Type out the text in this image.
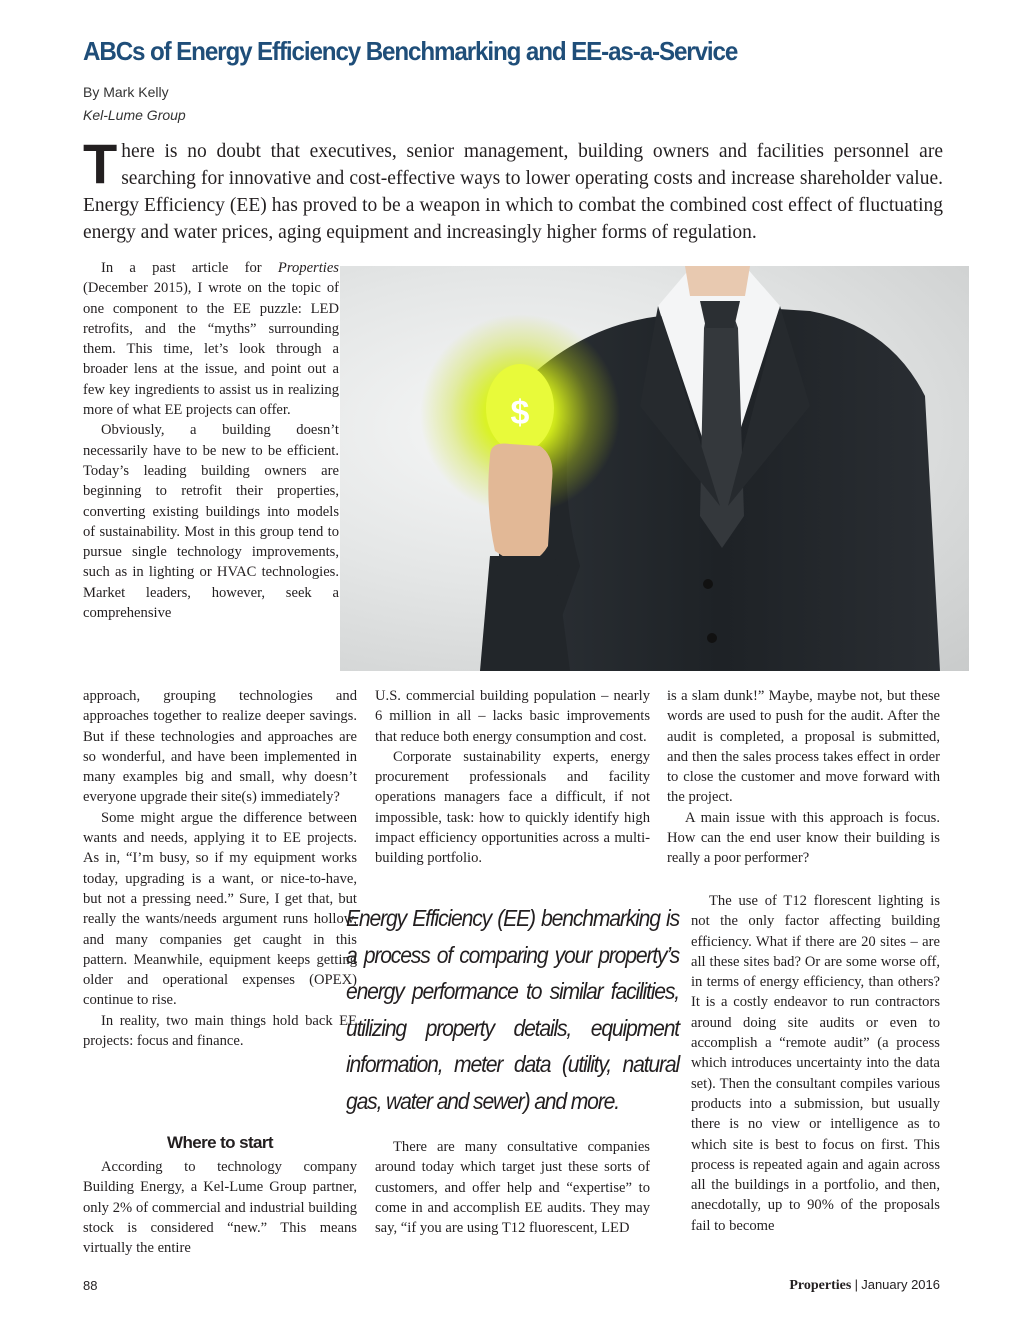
ABCs of Energy Efficiency Benchmarking and EE-as-a-Service
By Mark Kelly
Kel-Lume Group

There is no doubt that executives, senior management, building owners and facilities personnel are searching for innovative and cost-effective ways to lower operating costs and increase shareholder value. Energy Efficiency (EE) has proved to be a weapon in which to combat the combined cost effect of fluctuating energy and water prices, aging equipment and increasingly higher forms of regulation.

In a past article for Properties (December 2015), I wrote on the topic of one component to the EE puzzle: LED retrofits, and the “myths” surrounding them. This time, let’s look through a broader lens at the issue, and point out a few key ingredients to assist us in realizing more of what EE projects can offer.

Obviously, a building doesn’t necessarily have to be new to be efficient. Today’s leading building owners are beginning to retrofit their properties, converting existing buildings into models of sustainability. Most in this group tend to pursue single technology improvements, such as in lighting or HVAC technologies. Market leaders, however, seek a comprehensive

$

approach, grouping technologies and approaches together to realize deeper savings. But if these technologies and approaches are so wonderful, and have been implemented in many examples big and small, why doesn’t everyone upgrade their site(s) immediately?

Some might argue the difference between wants and needs, applying it to EE projects. As in, “I’m busy, so if my equipment works today, upgrading is a want, or nice-to-have, but not a pressing need.” Sure, I get that, but really the wants/needs argument runs hollow, and many companies get caught in this pattern. Meanwhile, equipment keeps getting older and operational expenses (OPEX) continue to rise.

In reality, two main things hold back EE projects: focus and finance.

Where to start

According to technology company Building Energy, a Kel-Lume Group partner, only 2% of commercial and industrial building stock is considered “new.” This means virtually the entire

U.S. commercial building population – nearly 6 million in all – lacks basic improvements that reduce both energy consumption and cost.

Corporate sustainability experts, energy procurement professionals and facility operations managers face a difficult, if not impossible, task: how to quickly identify high impact efficiency opportunities across a multi-building portfolio.

Energy Efficiency (EE) benchmarking is a process of comparing your property’s energy performance to similar facilities, utilizing property details, equipment information, meter data (utility, natural gas, water and sewer) and more.

There are many consultative companies around today which target just these sorts of customers, and offer help and “expertise” to come in and accomplish EE audits. They may say, “if you are using T12 fluorescent, LED

is a slam dunk!” Maybe, maybe not, but these words are used to push for the audit. After the audit is completed, a proposal is submitted, and then the sales process takes effect in order to close the customer and move forward with the project.

A main issue with this approach is focus. How can the end user know their building is really a poor performer?

The use of T12 florescent lighting is not the only factor affecting building efficiency. What if there are 20 sites – are all these sites bad? Or are some worse off, in terms of energy efficiency, than others? It is a costly endeavor to run contractors around doing site audits or even to accomplish a “remote audit” (a process which introduces uncertainty into the data set). Then the consultant compiles various products into a submission, but usually there is no view or intelligence as to which site is best to focus on first. This process is repeated again and again across all the buildings in a portfolio, and then, anecdotally, up to 90% of the proposals fail to become

88	Properties | January 2016
